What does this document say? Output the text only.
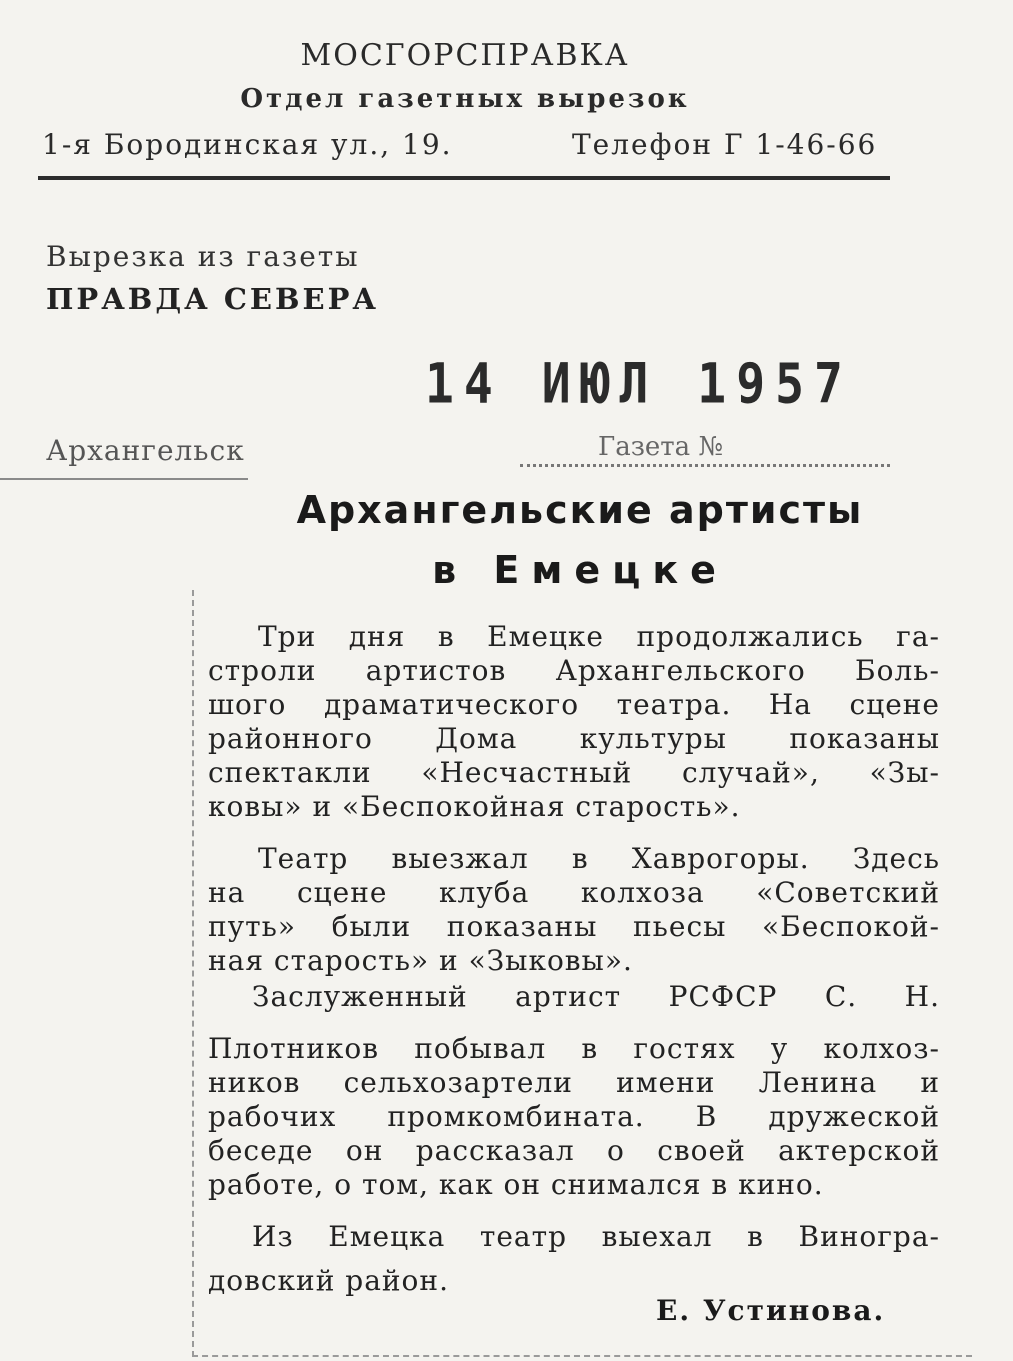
МОСГОРСПРАВКА
Отдел газетных вырезок
1-я Бородинская ул., 19.	Телефон Г 1-46-66
Вырезка из газеты
ПРАВДА СЕВЕРА
14 ИЮЛ 1957
Архангельск	Газета №
Архангельские артисты
в Емецке
Три дня в Емецке продолжались га-
строли артистов Архангельского Боль-
шого драматического театра. На сцене
районного Дома культуры показаны
спектакли «Несчастный случай», «Зы-
ковы» и «Беспокойная старость».
Театр выезжал в Хаврогоры. Здесь
на сцене клуба колхоза «Советский
путь» были показаны пьесы «Беспокой-
ная старость» и «Зыковы».
Заслуженный артист РСФСР С. Н.
Плотников побывал в гостях у колхоз-
ников сельхозартели имени Ленина и
рабочих промкомбината. В дружеской
беседе он рассказал о своей актерской
работе, о том, как он снимался в кино.
Из Емецка театр выехал в Виногра-
довский район.
Е. Устинова.
